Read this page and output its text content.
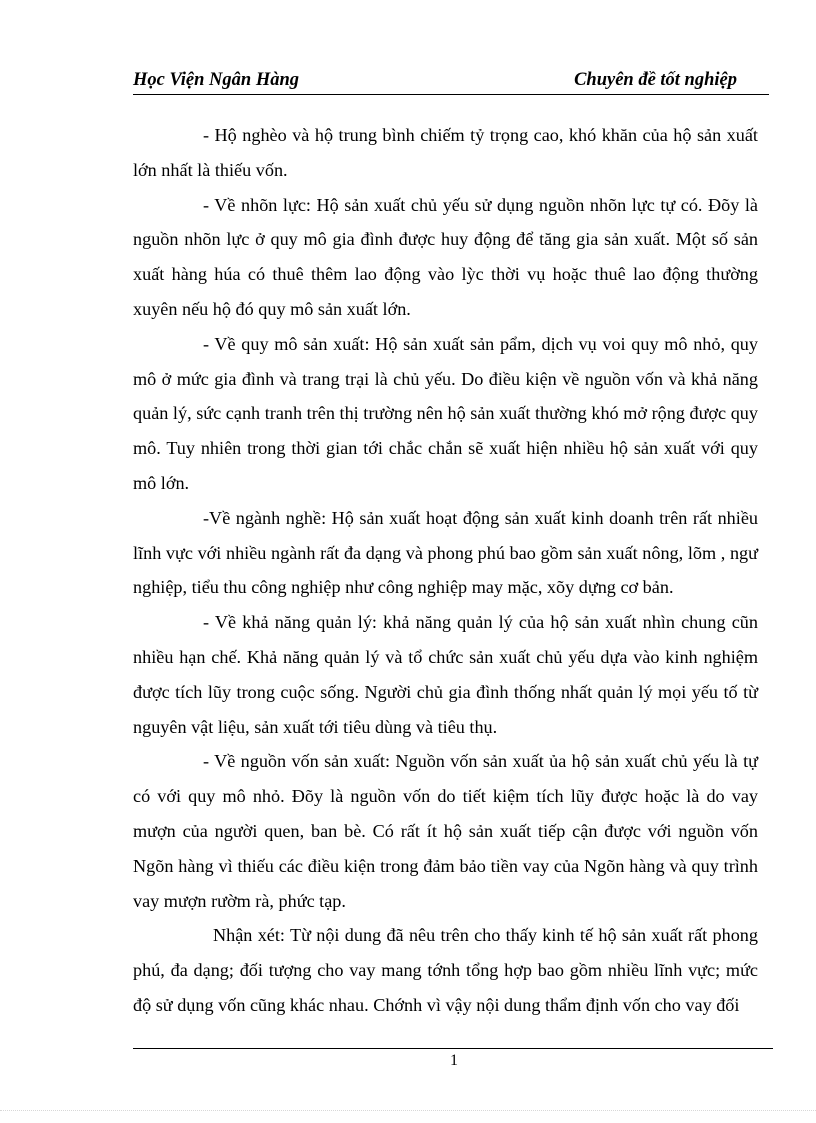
Học Viện Ngân Hàng	Chuyên đề tốt nghiệp

- Hộ nghèo và hộ trung bình chiếm tỷ trọng cao, khó khăn của hộ sản xuất lớn nhất là thiếu vốn.

- Về nhõn lực: Hộ sản xuất chủ yếu sử dụng nguồn nhõn lực tự có. Đõy là nguồn nhõn lực ở quy mô gia đình được huy động để tăng gia sản xuất. Một số sản xuất hàng húa có thuê thêm lao động vào lỳc thời vụ hoặc thuê lao động thường xuyên nếu hộ đó quy mô sản xuất lớn.

- Về quy mô sản xuất: Hộ sản xuất sản pẩm, dịch vụ voi quy mô nhỏ, quy mô ở mức gia đình và trang trại là chủ yếu. Do điều kiện về nguồn vốn và khả năng quản lý, sức cạnh tranh trên thị trường nên hộ sản xuất thường khó mở rộng được quy mô. Tuy nhiên trong thời gian tới chắc chắn sẽ xuất hiện nhiều hộ sản xuất với quy mô lớn.

-Về ngành nghề: Hộ sản xuất hoạt động sản xuất kinh doanh trên rất nhiều lĩnh vực với nhiều ngành rất đa dạng và phong phú bao gồm sản xuất nông, lõm , ngư nghiệp, tiểu thu công nghiệp như công nghiệp may mặc, xõy dựng cơ bản.

- Về khả năng quản lý: khả năng quản lý của hộ sản xuất nhìn chung cũn nhiều hạn chế. Khả năng quản lý và tổ chức sản xuất chủ yếu dựa vào kinh nghiệm được tích lũy trong cuộc sống. Người chủ gia đình thống nhất quản lý mọi yếu tố từ nguyên vật liệu, sản xuất tới tiêu dùng và tiêu thụ.

- Về nguồn vốn sản xuất: Nguồn vốn sản xuất ủa hộ sản xuất chủ yếu là tự có với quy mô nhỏ. Đõy là nguồn vốn do tiết kiệm tích lũy được hoặc là do vay mượn của người quen, ban bè. Có rất ít hộ sản xuất tiếp cận được với nguồn vốn Ngõn hàng vì thiếu các điều kiện trong đảm bảo tiền vay của Ngõn hàng và quy trình vay mượn rườm rà, phức tạp.

Nhận xét: Từ nội dung đã nêu trên cho thấy kinh tế hộ sản xuất rất phong phú, đa dạng; đối tượng cho vay mang tớnh tổng hợp bao gồm nhiều lĩnh vực; mức độ sử dụng vốn cũng khác nhau. Chớnh vì vậy nội dung thẩm định vốn cho vay đối

1
